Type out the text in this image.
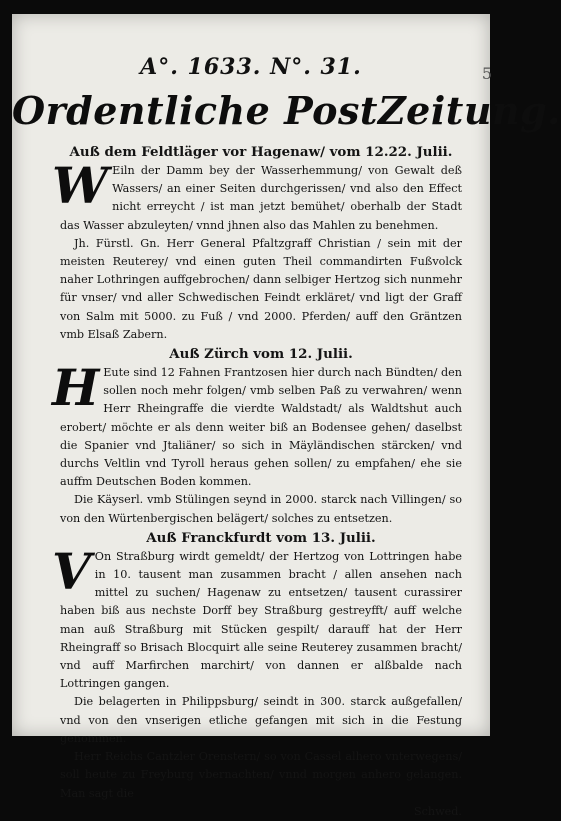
5
A°. 1633. N°. 31.
Ordentliche PostZeitung.
Auß dem Feldtläger vor Hagenaw/ vom 12.22. Julii.

W Eiln der Damm bey der Wasserhemmung/ von Gewalt deß Wassers/ an einer Seiten durchgerissen/ vnd also den Effect nicht erreycht / ist man jetzt bemühet/ oberhalb der Stadt das Wasser abzuleyten/ vnnd jhnen also das Mahlen zu benehmen.

Jh. Fürstl. Gn. Herr General Pfaltzgraff Christian / sein mit der meisten Reuterey/ vnd einen guten Theil commandirten Fußvolck naher Lothringen auffgebrochen/ dann selbiger Hertzog sich nunmehr für vnser/ vnd aller Schwedischen Feindt erkläret/ vnd ligt der Graff von Salm mit 5000. zu Fuß / vnd 2000. Pferden/ auff den Gräntzen vmb Elsaß Zabern.

Auß Zürch vom 12. Julii.

H Eute sind 12 Fahnen Frantzosen hier durch nach Bündten/ den sollen noch mehr folgen/ vmb selben Paß zu verwahren/ wenn Herr Rheingraffe die vierdte Waldstadt/ als Waldtshut auch erobert/ möchte er als denn weiter biß an Bodensee gehen/ daselbst die Spanier vnd Jtaliäner/ so sich in Mäyländischen stärcken/ vnd durchs Veltlin vnd Tyroll heraus gehen sollen/ zu empfahen/ ehe sie auffm Deutschen Boden kommen.

Die Käyserl. vmb Stülingen seynd in 2000. starck nach Villingen/ so von den Würtenbergischen belägert/ solches zu entsetzen.

Auß Franckfurdt vom 13. Julii.

V On Straßburg wirdt gemeldt/ der Hertzog von Lottringen habe in 10. tausent man zusammen bracht / allen ansehen nach mittel zu suchen/ Hagenaw zu entsetzen/ tausent curassirer haben biß aus nechste Dorff bey Straßburg gestreyfft/ auff welche man auß Straßburg mit Stücken gespilt/ darauff hat der Herr Rheingraff so Brisach Blocquirt alle seine Reuterey zusammen bracht/ vnd auff Marfirchen marchirt/ von dannen er alßbalde nach Lottringen gangen.

Die belagerten in Philippsburg/ seindt in 300. starck außgefallen/ vnd von den vnserigen etliche gefangen mit sich in die Festung genommen.

Herr Reichs Cantzler Orenstern/ so von Cassel alhero vnterwegens/ soll heute zu Freyburg vbernachten/ vnnd morgen anhero gelangen. Man sagt die

Schwed.
